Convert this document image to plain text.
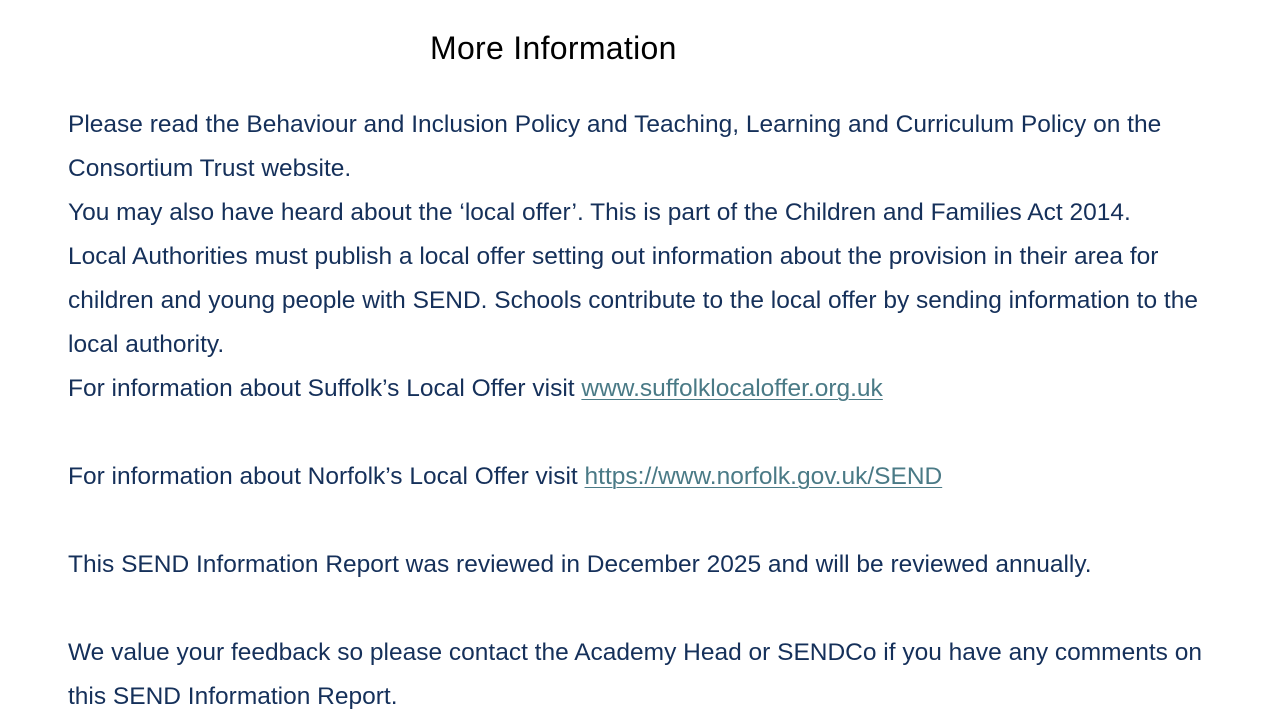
More Information

Please read the Behaviour and Inclusion Policy and Teaching, Learning and Curriculum Policy on the Consortium Trust website.

You may also have heard about the ‘local offer’. This is part of the Children and Families Act 2014.

Local Authorities must publish a local offer setting out information about the provision in their area for children and young people with SEND. Schools contribute to the local offer by sending information to the local authority.

For information about Suffolk’s Local Offer visit www.suffolklocaloffer.org.uk

For information about Norfolk’s Local Offer visit https://www.norfolk.gov.uk/SEND

This SEND Information Report was reviewed in December 2025 and will be reviewed annually.

We value your feedback so please contact the Academy Head or SENDCo if you have any comments on this SEND Information Report.
